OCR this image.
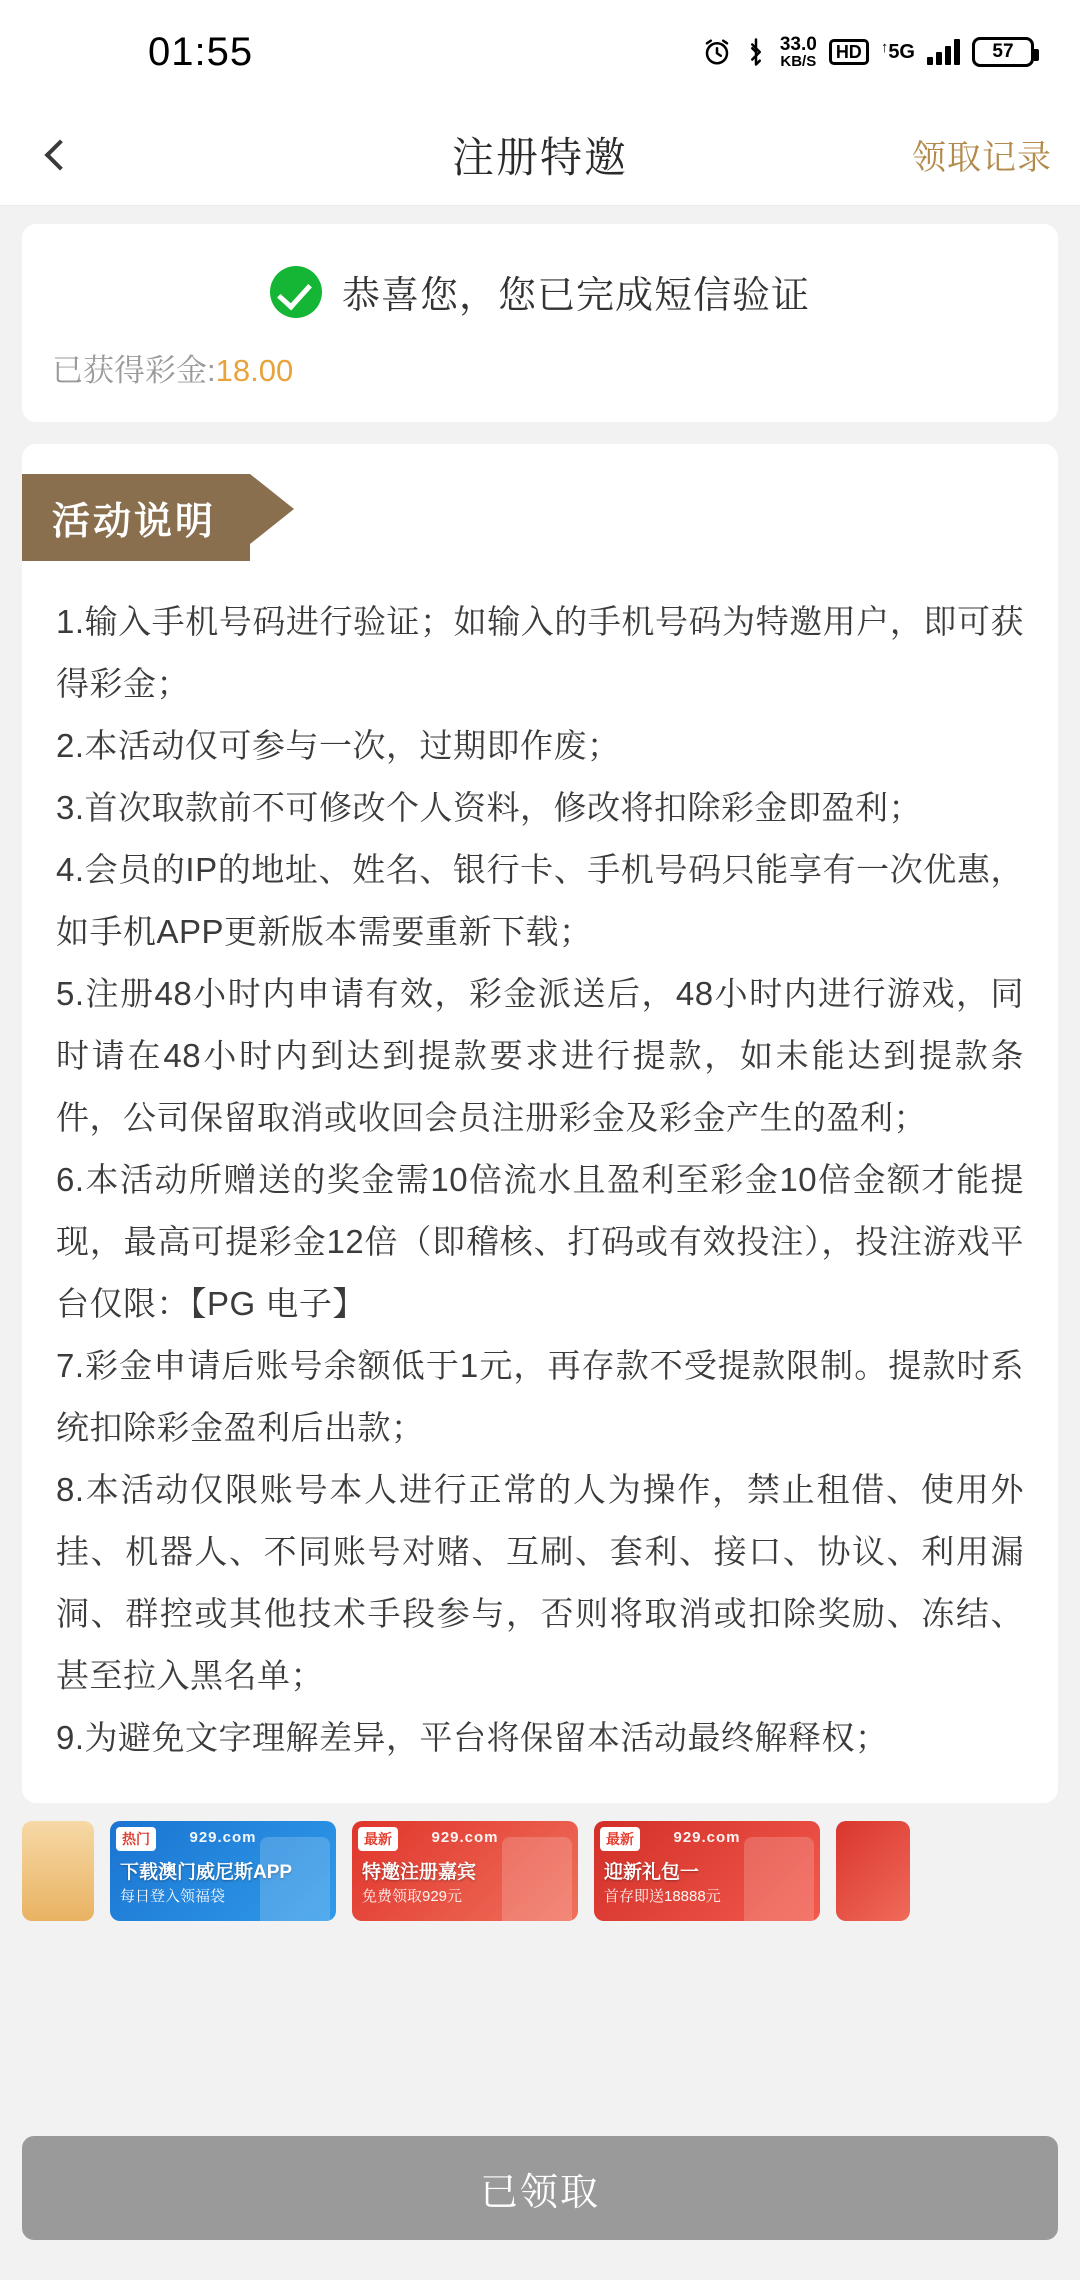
01:55	33.0
KB/S	HD	↑ 5G	57
注册特邀	领取记录
恭喜您，您已完成短信验证
已获得彩金:18.00
活动说明

1.输入手机号码进行验证；如输入的手机号码为特邀用户，即可获得彩金；

2.本活动仅可参与一次，过期即作废；

3.首次取款前不可修改个人资料，修改将扣除彩金即盈利；

4.会员的IP的地址、姓名、银行卡、手机号码只能享有一次优惠，如手机APP更新版本需要重新下载；

5.注册48小时内申请有效，彩金派送后，48小时内进行游戏，同时请在48小时内到达到提款要求进行提款，如未能达到提款条件，公司保留取消或收回会员注册彩金及彩金产生的盈利；

6.本活动所赠送的奖金需10倍流水且盈利至彩金10倍金额才能提现，最高可提彩金12倍（即稽核、打码或有效投注），投注游戏平台仅限：【PG 电子】

7.彩金申请后账号余额低于1元，再存款不受提款限制。提款时系统扣除彩金盈利后出款；

8.本活动仅限账号本人进行正常的人为操作，禁止租借、使用外挂、机器人、不同账号对赌、互刷、套利、接口、协议、利用漏洞、群控或其他技术手段参与，否则将取消或扣除奖励、冻结、甚至拉入黑名单；

9.为避免文字理解差异，平台将保留本活动最终解释权；

热门	929.com
下载澳门威尼斯APP
每日登入领福袋
最新	929.com
特邀注册嘉宾
免费领取929元
最新	929.com
迎新礼包一
首存即送18888元
已领取
